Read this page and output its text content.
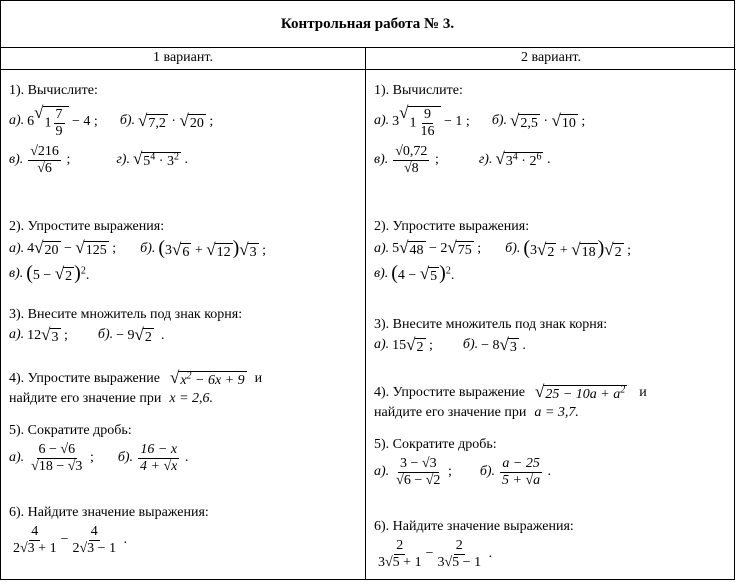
Контрольная работа № 3.
1 вариант.
1). Вычислите:
а). 6 √
$1 \frac{7}{9} - 4$ ; б). √ 7,2 · √ 20 ;
в). $\frac{√216}{√6}$ ;	г). √ $5^4 \cdot 3^2$ .
2). Упростите выражения:
а). 4 √ 20 − √ 125 ; б). (3 √ 6 + √ 12 ) √ 3 ;
в). (5 − √ 2 )$^2$.
3). Внесите множитель под знак корня:
а). 12 √ 3 ; б). − 9 √ 2 .
4). Упростите выражение √ $x^2 - 6x + 9$ и
найдите его значение при x = 2,6.
5). Сократите дробь:
а). $\frac{6 - √6}{√18 - √3}$ ; б). $\frac{16 - x}{4 + √x}$ .
6). Найдите значение выражения:
$\frac{4}{2√3 + 1} - \frac{4}{2√3 - 1}$ .
2 вариант.
1). Вычислите:
а). 3 √
$1 \frac{9}{16} - 1$ ; б). √ 2,5 · √ 10 ;
в). $\frac{√0,72}{√8}$ ;	г). √ $3^4 \cdot 2^6$ .
2). Упростите выражения:
а). 5 √ 48 − 2 √ 75 ; б). (3 √ 2 + √ 18 ) √ 2 ;
в). (4 − √ 5 )$^2$.
3). Внесите множитель под знак корня:
а). 15 √ 2 ; б). − 8 √ 3 .
4). Упростите выражение √ $25 - 10a + a^2$ и
найдите его значение при a = 3,7.
5). Сократите дробь:
а). $\frac{3 - √3}{√6 - √2}$ ; б). $\frac{a - 25}{5 + √a}$ .
6). Найдите значение выражения:
$\frac{2}{3√5 + 1} - \frac{2}{3√5 - 1}$ .
